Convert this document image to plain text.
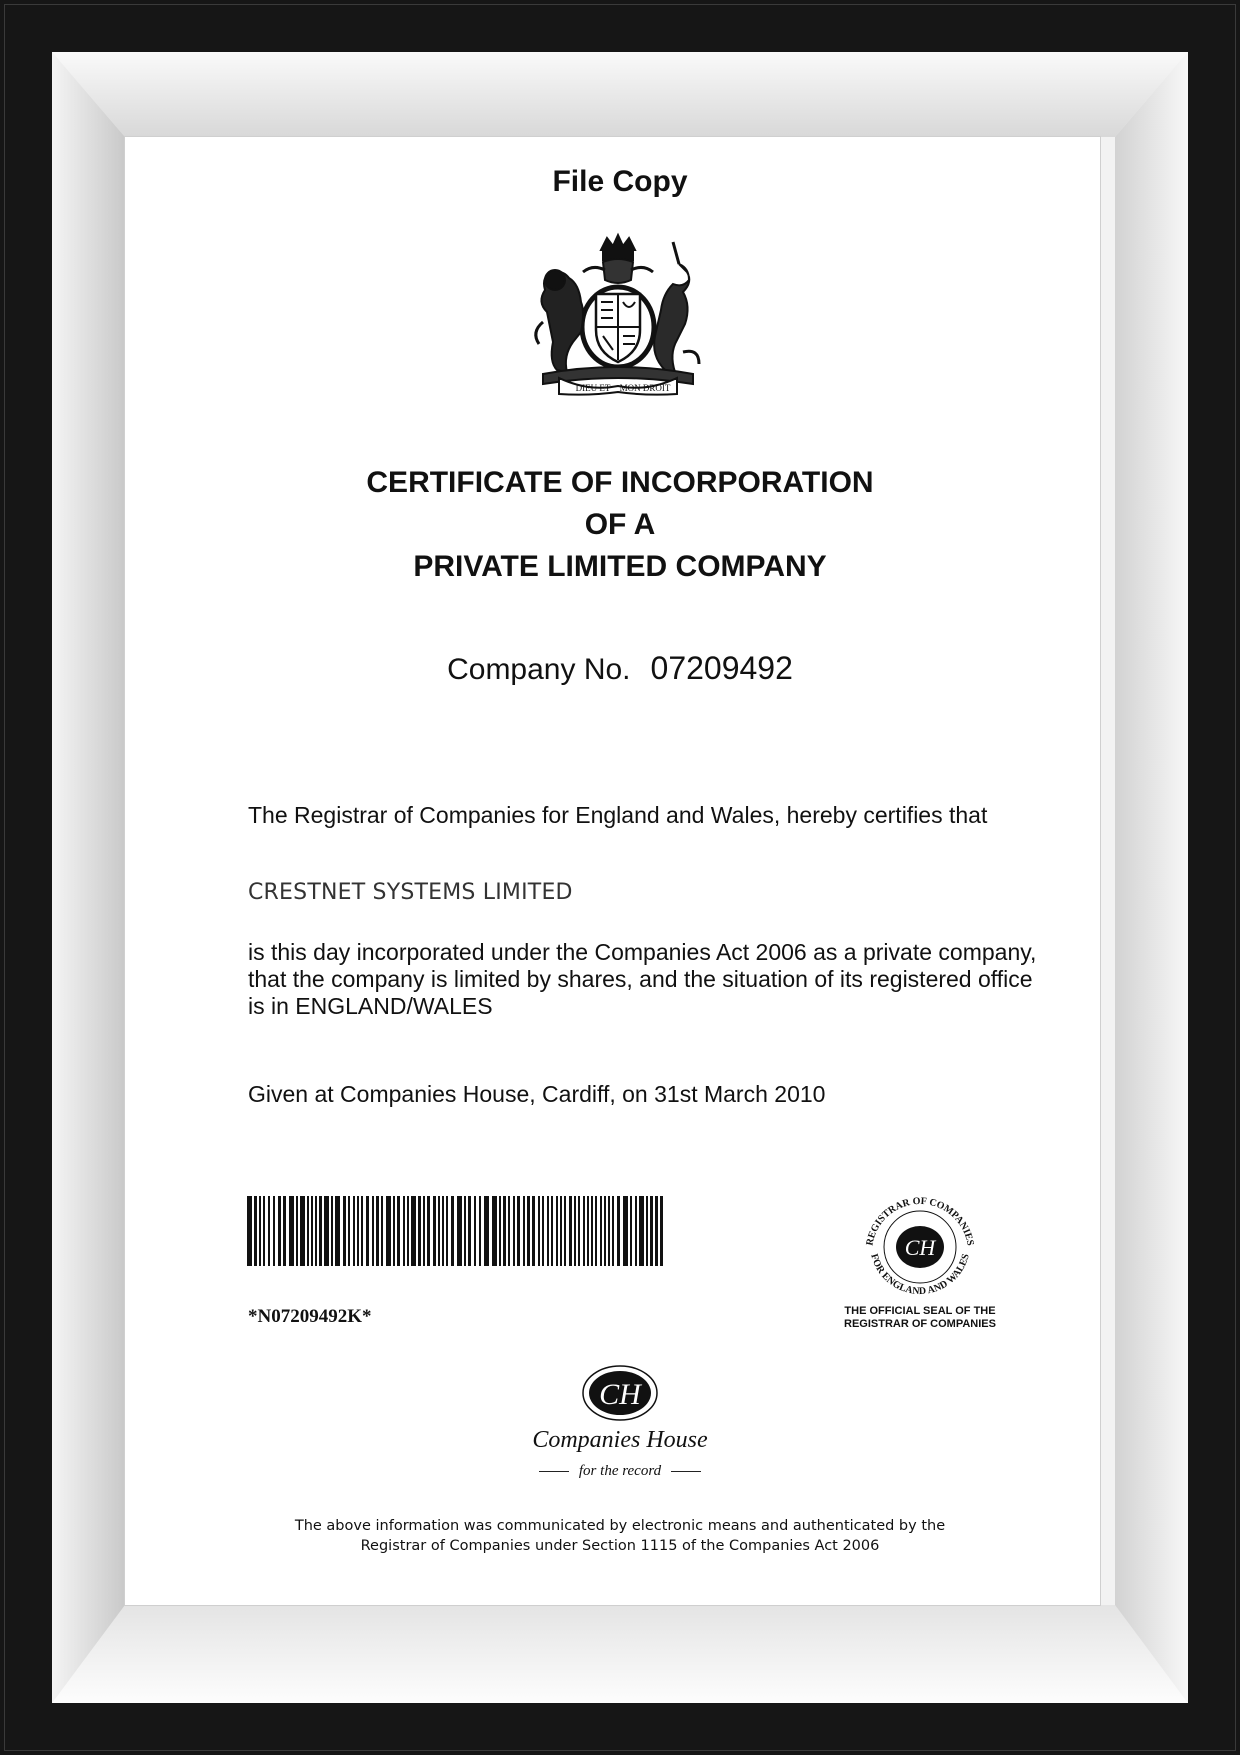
File Copy

DIEU ET MON DROIT

CERTIFICATE OF INCORPORATION

OF A

PRIVATE LIMITED COMPANY

Company No. 07209492

The Registrar of Companies for England and Wales, hereby certifies that

CRESTNET SYSTEMS LIMITED

is this day incorporated under the Companies Act 2006 as a private company, that the company is limited by shares, and the situation of its registered office is in ENGLAND/WALES

Given at Companies House, Cardiff, on 31st March 2010

*N07209492K*

REGISTRAR OF COMPANIES
FOR ENGLAND AND WALES
CH

THE OFFICIAL SEAL OF THE
REGISTRAR OF COMPANIES

CH

Companies House

for the record

The above information was communicated by electronic means and authenticated by the

Registrar of Companies under Section 1115 of the Companies Act 2006
